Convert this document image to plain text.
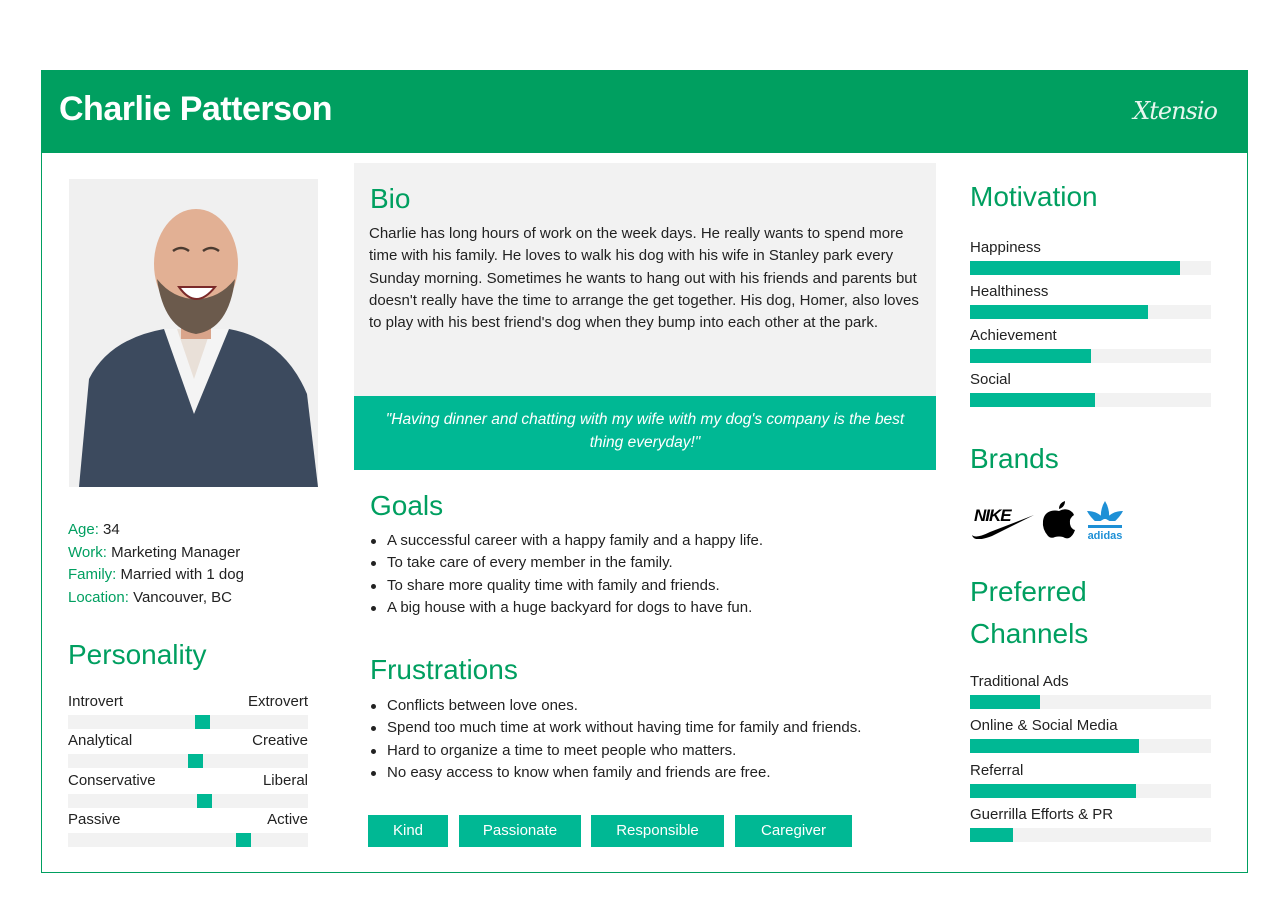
Charlie Patterson	Xtensio
Age: 34
Work: Marketing Manager
Family: Married with 1 dog
Location: Vancouver, BC
Personality
Introvert	Extrovert
Analytical	Creative
Conservative	Liberal
Passive	Active
Bio
Charlie has long hours of work on the week days. He really wants to spend more time with his family. He loves to walk his dog with his wife in Stanley park every Sunday morning. Sometimes he wants to hang out with his friends and parents but doesn't really have the time to arrange the get together. His dog, Homer, also loves to play with his best friend's dog when they bump into each other at the park.
"Having dinner and chatting with my wife with my dog's company is the best thing everyday!"
Goals
A successful career with a happy family and a happy life.
To take care of every member in the family.
To share more quality time with family and friends.
A big house with a huge backyard for dogs to have fun.
Frustrations
Conflicts between love ones.
Spend too much time at work without having time for family and friends.
Hard to organize a time to meet people who matters.
No easy access to know when family and friends are free.
Kind	Passionate	Responsible	Caregiver
Motivation
Happiness
Healthiness
Achievement
Social
Brands
NIKE
adidas
Preferred
Channels
Traditional Ads
Online & Social Media
Referral
Guerrilla Efforts & PR
